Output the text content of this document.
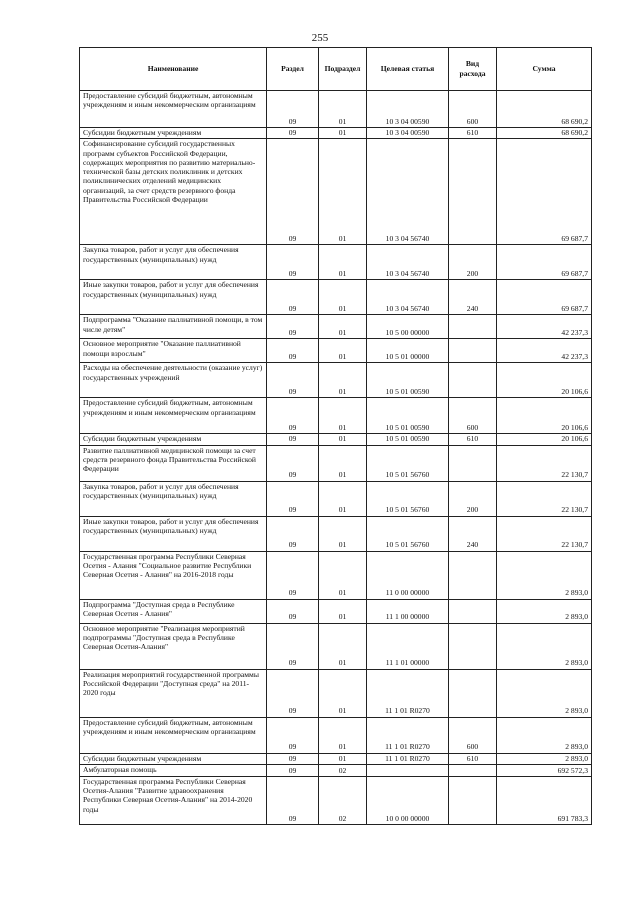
255
Наименование	Раздел	Подраздел	Целевая статья	Вид расхода	Сумма
Предоставление субсидий бюджетным, автономным учреждениям и иным некоммерческим организациям	09	01	10 3 04 00590	600	68 690,2
Субсидии бюджетным учреждениям	09	01	10 3 04 00590	610	68 690,2
Софинансирование субсидий государственных программ субъектов Российской Федерации, содержащих мероприятия по развитию материально-технической базы детских поликлиник и детских поликлинических отделений медицинских организаций, за счет средств резервного фонда Правительства Российской Федерации	09	01	10 3 04 56740		69 687,7
Закупка товаров, работ и услуг для обеспечения государственных (муниципальных) нужд	09	01	10 3 04 56740	200	69 687,7
Иные закупки товаров, работ и услуг для обеспечения государственных (муниципальных) нужд	09	01	10 3 04 56740	240	69 687,7
Подпрограмма "Оказание паллиативной помощи, в том числе детям"	09	01	10 5 00 00000		42 237,3
Основное мероприятие "Оказание паллиативной помощи взрослым"	09	01	10 5 01 00000		42 237,3
Расходы на обеспечение деятельности (оказание услуг) государственных учреждений	09	01	10 5 01 00590		20 106,6
Предоставление субсидий бюджетным, автономным учреждениям и иным некоммерческим организациям	09	01	10 5 01 00590	600	20 106,6
Субсидии бюджетным учреждениям	09	01	10 5 01 00590	610	20 106,6
Развитие паллиативной медицинской помощи за счет средств резервного фонда Правительства Российской Федерации	09	01	10 5 01 56760		22 130,7
Закупка товаров, работ и услуг для обеспечения государственных (муниципальных) нужд	09	01	10 5 01 56760	200	22 130,7
Иные закупки товаров, работ и услуг для обеспечения государственных (муниципальных) нужд	09	01	10 5 01 56760	240	22 130,7
Государственная программа Республики Северная Осетия - Алания "Социальное развитие Республики Северная Осетия - Алания" на 2016-2018 годы	09	01	11 0 00 00000		2 893,0
Подпрограмма "Доступная среда в Республике Северная Осетия - Алания"	09	01	11 1 00 00000		2 893,0
Основное мероприятие "Реализация мероприятий подпрограммы "Доступная среда в Республике Северная Осетия-Алания"	09	01	11 1 01 00000		2 893,0
Реализация мероприятий государственной программы Российской Федерации "Доступная среда" на 2011-2020 годы	09	01	11 1 01 R0270		2 893,0
Предоставление субсидий бюджетным, автономным учреждениям и иным некоммерческим организациям	09	01	11 1 01 R0270	600	2 893,0
Субсидии бюджетным учреждениям	09	01	11 1 01 R0270	610	2 893,0
Амбулаторная помощь	09	02			692 572,3
Государственная программа Республики Северная Осетия-Алания "Развитие здравоохранения Республики Северная Осетия-Алания" на 2014-2020 годы	09	02	10 0 00 00000		691 783,3
